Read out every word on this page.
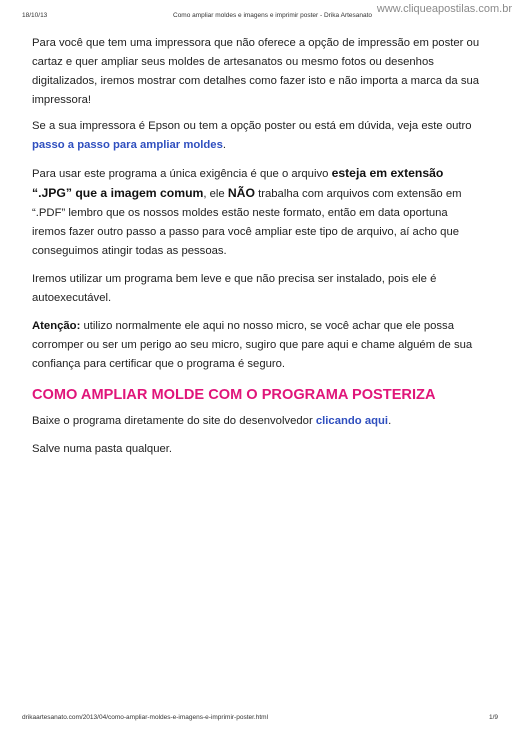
18/10/13	Como ampliar moldes e imagens e imprimir poster - Drika Artesanato
www.cliqueapostilas.com.br

Para você que tem uma impressora que não oferece a opção de impressão em poster ou cartaz e quer ampliar seus moldes de artesanatos ou mesmo fotos ou desenhos digitalizados, iremos mostrar com detalhes como fazer isto e não importa a marca da sua impressora!

Se a sua impressora é Epson ou tem a opção poster ou está em dúvida, veja este outro passo a passo para ampliar moldes.

Para usar este programa a única exigência é que o arquivo esteja em extensão “.JPG” que a imagem comum, ele NÃO trabalha com arquivos com extensão em “.PDF” lembro que os nossos moldes estão neste formato, então em data oportuna iremos fazer outro passo a passo para você ampliar este tipo de arquivo, aí acho que conseguimos atingir todas as pessoas.

Iremos utilizar um programa bem leve e que não precisa ser instalado, pois ele é autoexecutável.

Atenção: utilizo normalmente ele aqui no nosso micro, se você achar que ele possa corromper ou ser um perigo ao seu micro, sugiro que pare aqui e chame alguém de sua confiança para certificar que o programa é seguro.

COMO AMPLIAR MOLDE COM O PROGRAMA POSTERIZA

Baixe o programa diretamente do site do desenvolvedor clicando aqui.

Salve numa pasta qualquer.

drikaartesanato.com/2013/04/como-ampliar-moldes-e-imagens-e-imprimir-poster.html	1/9
